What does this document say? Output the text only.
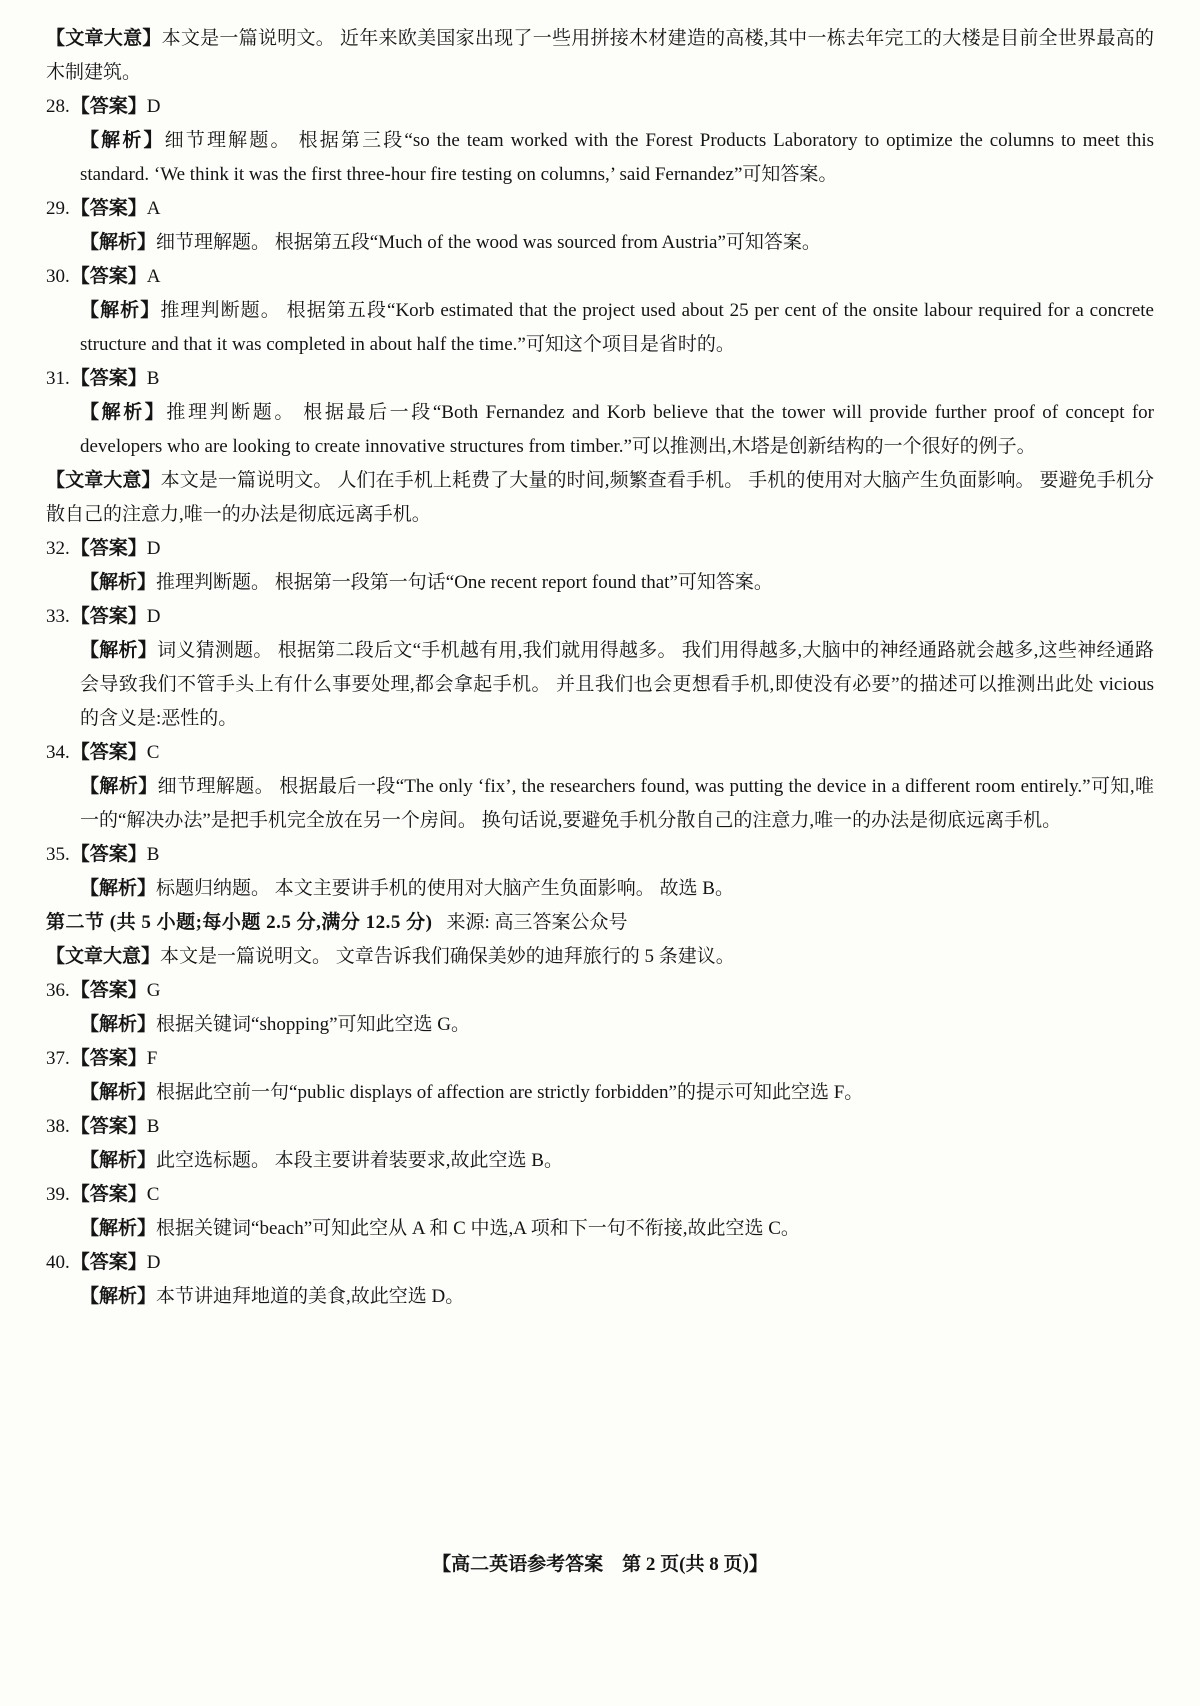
【文章大意】本文是一篇说明文。 近年来欧美国家出现了一些用拼接木材建造的高楼,其中一栋去年完工的大楼是目前全世界最高的木制建筑。

28.【答案】D

【解析】细节理解题。 根据第三段“so the team worked with the Forest Products Laboratory to optimize the columns to meet this standard. ‘We think it was the first three-hour fire testing on columns,’ said Fernandez”可知答案。

29.【答案】A

【解析】细节理解题。 根据第五段“Much of the wood was sourced from Austria”可知答案。

30.【答案】A

【解析】推理判断题。 根据第五段“Korb estimated that the project used about 25 per cent of the onsite labour required for a concrete structure and that it was completed in about half the time.”可知这个项目是省时的。

31.【答案】B

【解析】推理判断题。 根据最后一段“Both Fernandez and Korb believe that the tower will provide further proof of concept for developers who are looking to create innovative structures from timber.”可以推测出,木塔是创新结构的一个很好的例子。

【文章大意】本文是一篇说明文。 人们在手机上耗费了大量的时间,频繁查看手机。 手机的使用对大脑产生负面影响。 要避免手机分散自己的注意力,唯一的办法是彻底远离手机。

32.【答案】D

【解析】推理判断题。 根据第一段第一句话“One recent report found that”可知答案。

33.【答案】D

【解析】词义猜测题。 根据第二段后文“手机越有用,我们就用得越多。 我们用得越多,大脑中的神经通路就会越多,这些神经通路会导致我们不管手头上有什么事要处理,都会拿起手机。 并且我们也会更想看手机,即使没有必要”的描述可以推测出此处 vicious 的含义是:恶性的。

34.【答案】C

【解析】细节理解题。 根据最后一段“The only ‘fix’, the researchers found, was putting the device in a different room entirely.”可知,唯一的“解决办法”是把手机完全放在另一个房间。 换句话说,要避免手机分散自己的注意力,唯一的办法是彻底远离手机。

35.【答案】B

【解析】标题归纳题。 本文主要讲手机的使用对大脑产生负面影响。 故选 B。

第二节 (共 5 小题;每小题 2.5 分,满分 12.5 分) 来源: 高三答案公众号

【文章大意】本文是一篇说明文。 文章告诉我们确保美妙的迪拜旅行的 5 条建议。

36.【答案】G

【解析】根据关键词“shopping”可知此空选 G。

37.【答案】F

【解析】根据此空前一句“public displays of affection are strictly forbidden”的提示可知此空选 F。

38.【答案】B

【解析】此空选标题。 本段主要讲着装要求,故此空选 B。

39.【答案】C

【解析】根据关键词“beach”可知此空从 A 和 C 中选,A 项和下一句不衔接,故此空选 C。

40.【答案】D

【解析】本节讲迪拜地道的美食,故此空选 D。

【高二英语参考答案　第 2 页(共 8 页)】
